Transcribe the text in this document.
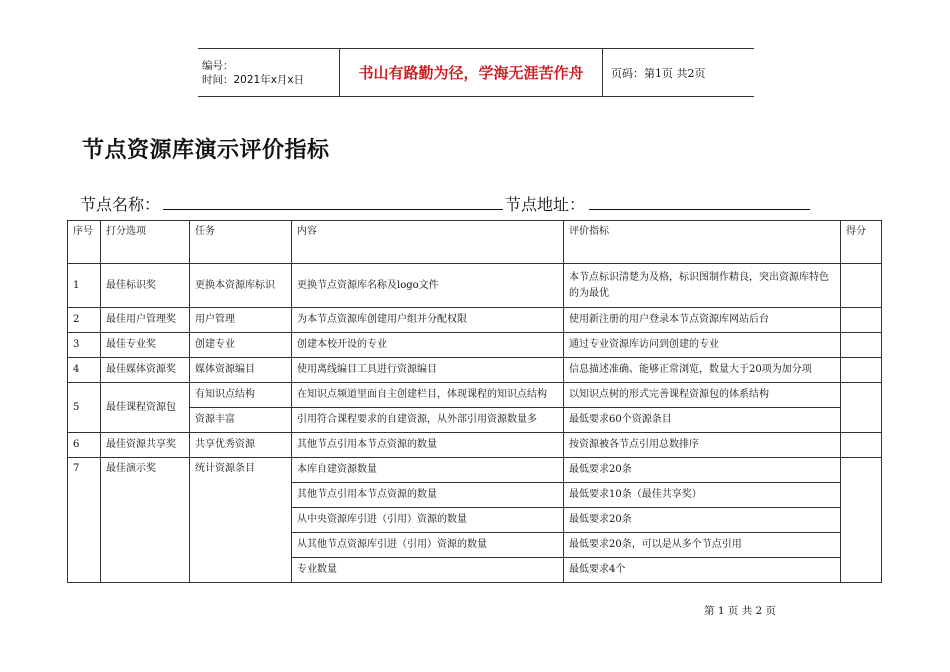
编号：
时间：2021年x月x日	书山有路勤为径，学海无涯苦作舟	页码：第1页 共2页
节点资源库演示评价指标
节点名称：	节点地址：
序号	打分选项	任务	内容	评价指标	得分
1	最佳标识奖	更换本资源库标识	更换节点资源库名称及logo文件	本节点标识清楚为及格，标识图制作精良，突出资源库特色的为最优	
2	最佳用户管理奖	用户管理	为本节点资源库创建用户组并分配权限	使用新注册的用户登录本节点资源库网站后台	
3	最佳专业奖	创建专业	创建本校开设的专业	通过专业资源库访问到创建的专业	
4	最佳媒体资源奖	媒体资源编目	使用离线编目工具进行资源编目	信息描述准确、能够正常浏览，数量大于20项为加分项	
5	最佳课程资源包	有知识点结构	在知识点频道里面自主创建栏目，体现课程的知识点结构	以知识点树的形式完善课程资源包的体系结构	
		资源丰富	引用符合课程要求的自建资源，从外部引用资源数量多	最低要求60个资源条目	
6	最佳资源共享奖	共享优秀资源	其他节点引用本节点资源的数量	按资源被各节点引用总数排序	
7	最佳演示奖	统计资源条目	本库自建资源数量	最低要求20条	
			其他节点引用本节点资源的数量	最低要求10条（最佳共享奖）	
			从中央资源库引进（引用）资源的数量	最低要求20条	
			从其他节点资源库引进（引用）资源的数量	最低要求20条，可以是从多个节点引用	
			专业数量	最低要求4个	
第 1 页 共 2 页
